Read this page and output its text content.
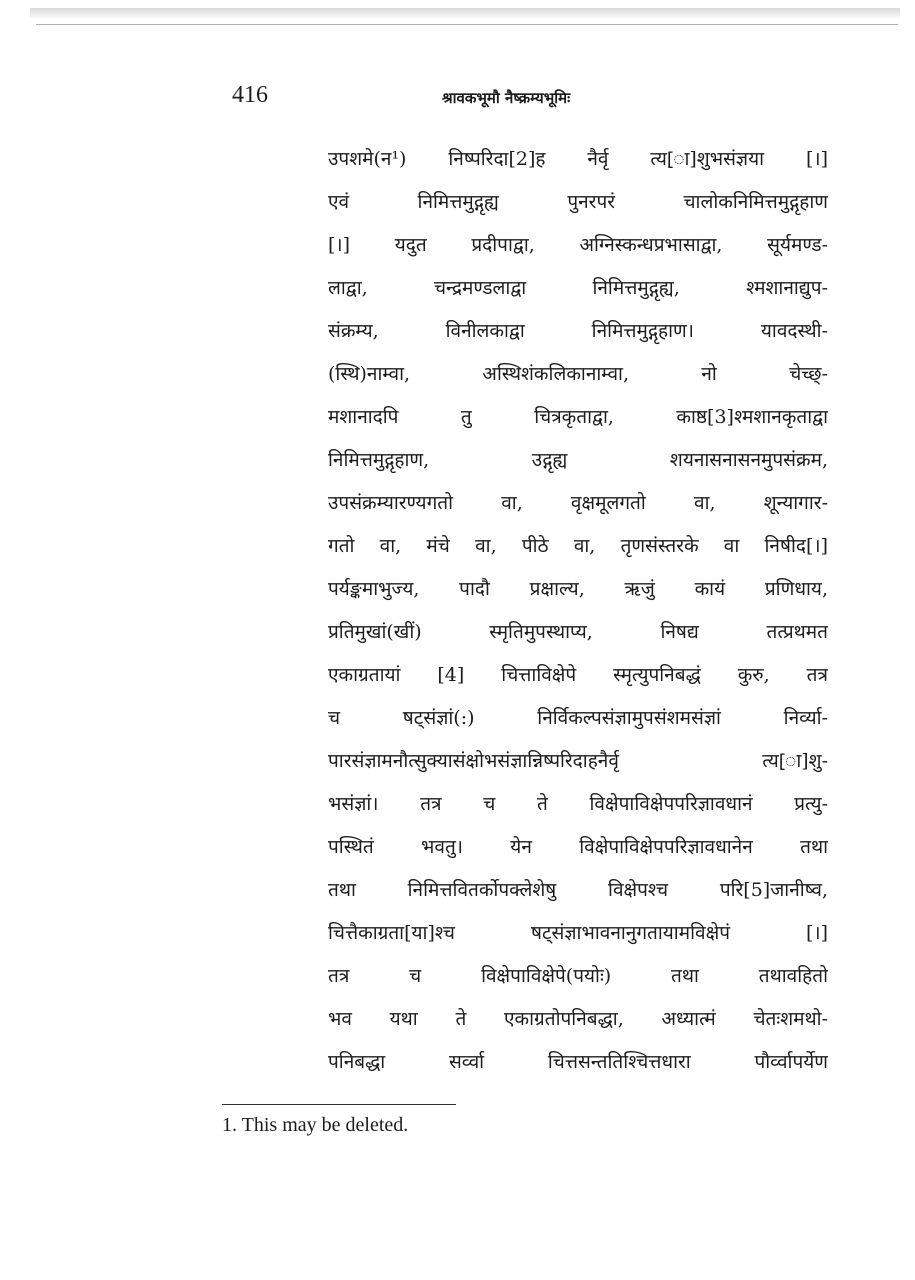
416	श्रावकभूमौ नैष्क्रम्यभूमिः
उपशमे(न¹) निष्परिदा[2]ह नैर्वृ त्य[ा]शुभसंज्ञया [।]
एवं निमित्तमुद्गृह्य पुनरपरं चालोकनिमित्तमुद्गृहाण
[।] यदुत प्रदीपाद्वा, अग्निस्कन्धप्रभासाद्वा, सूर्यमण्ड-
लाद्वा, चन्द्रमण्डलाद्वा निमित्तमुद्गृह्य, श्मशानाद्युप-
संक्रम्य, विनीलकाद्वा निमित्तमुद्गृहाण। यावदस्थी-
(स्थि)नाम्वा, अस्थिशंकलिकानाम्वा, नो चेच्छ्-
मशानादपि तु चित्रकृताद्वा, काष्ठ[3]श्मशानकृताद्वा
निमित्तमुद्गृहाण, उद्गृह्य शयनासनासनमुपसंक्रम,
उपसंक्रम्यारण्यगतो वा, वृक्षमूलगतो वा, शून्यागार-
गतो वा, मंचे वा, पीठे वा, तृणसंस्तरके वा निषीद[।]
पर्यङ्कमाभुज्य, पादौ प्रक्षाल्य, ऋजुं कायं प्रणिधाय,
प्रतिमुखां(खीं) स्मृतिमुपस्थाप्य, निषद्य तत्प्रथमत
एकाग्रतायां [4] चित्ताविक्षेपे स्मृत्युपनिबद्धं कुरु, तत्र
च षट्संज्ञां(:) निर्विकल्पसंज्ञामुपसंशमसंज्ञां निर्व्या-
पारसंज्ञामनौत्सुक्यासंक्षोभसंज्ञान्निष्परिदाहनैर्वृ त्य[ा]शु-
भसंज्ञां। तत्र च ते विक्षेपाविक्षेपपरिज्ञावधानं प्रत्यु-
पस्थितं भवतु। येन विक्षेपाविक्षेपपरिज्ञावधानेन तथा
तथा निमित्तवितर्कोपक्लेशेषु विक्षेपश्च परि[5]जानीष्व,
चित्तैकाग्रता[या]श्च षट्संज्ञाभावनानुगतायामविक्षेपं [।]
तत्र च विक्षेपाविक्षेपे(पयोः) तथा तथावहितो
भव यथा ते एकाग्रतोपनिबद्धा, अध्यात्मं चेतःशमथो-
पनिबद्धा सर्व्वा चित्तसन्ततिश्चित्तधारा पौर्व्वापर्येण
1. This may be deleted.
